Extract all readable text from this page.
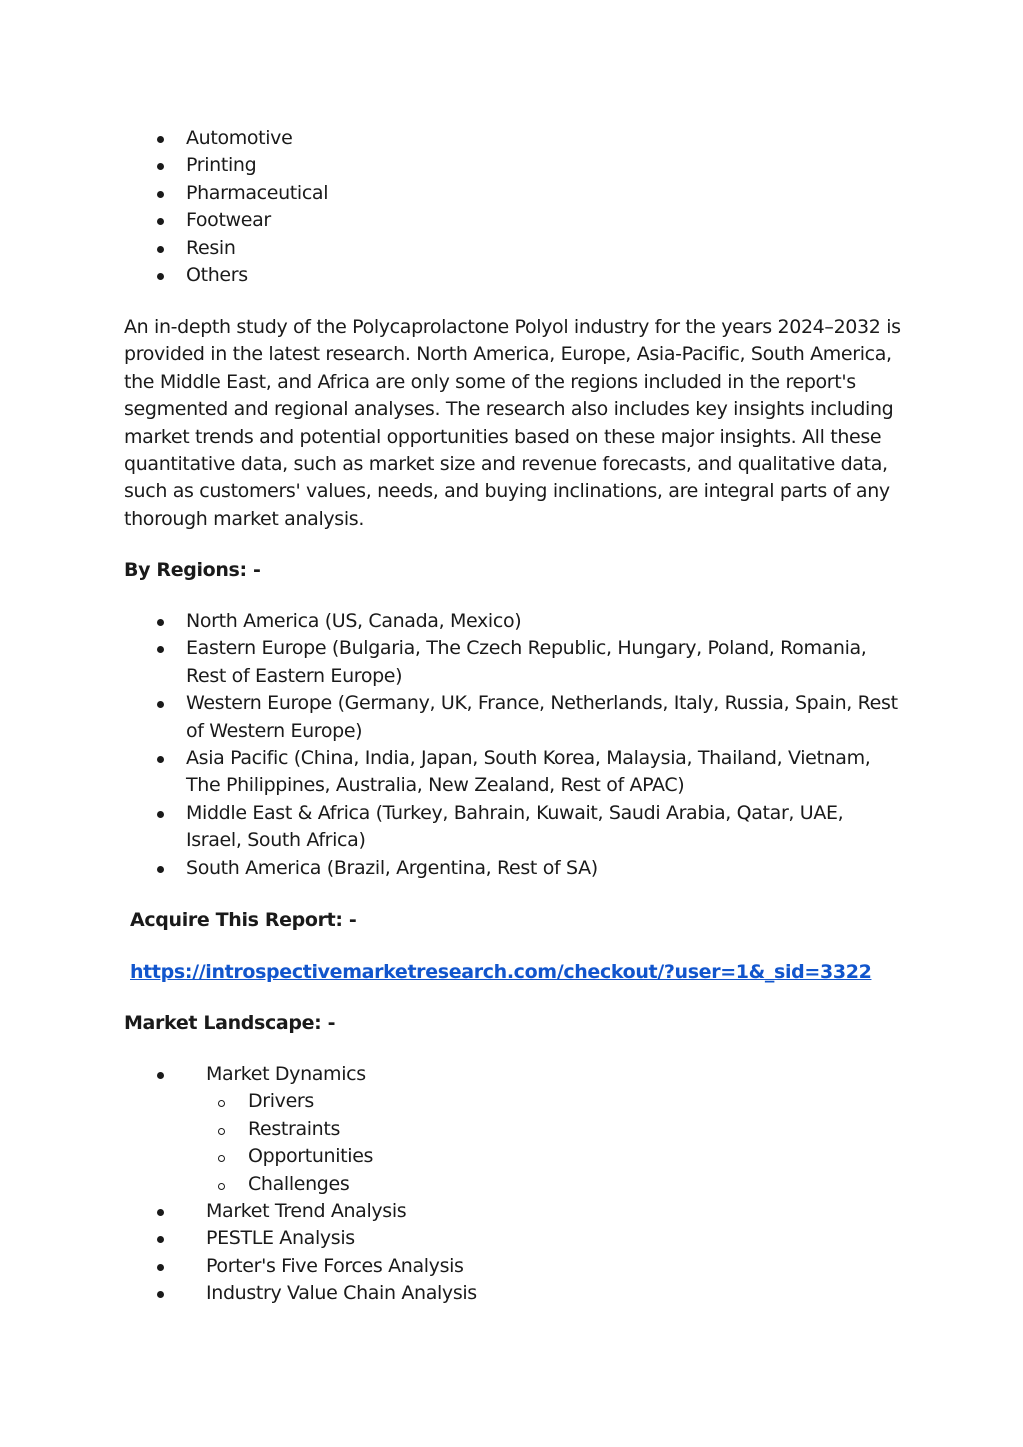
Automotive
Printing
Pharmaceutical
Footwear
Resin
Others

An in-depth study of the Polycaprolactone Polyol industry for the years 2024–2032 is provided in the latest research. North America, Europe, Asia-Pacific, South America, the Middle East, and Africa are only some of the regions included in the report's segmented and regional analyses. The research also includes key insights including market trends and potential opportunities based on these major insights. All these quantitative data, such as market size and revenue forecasts, and qualitative data, such as customers' values, needs, and buying inclinations, are integral parts of any thorough market analysis.

By Regions: -

North America (US, Canada, Mexico)
Eastern Europe (Bulgaria, The Czech Republic, Hungary, Poland, Romania, Rest of Eastern Europe)
Western Europe (Germany, UK, France, Netherlands, Italy, Russia, Spain, Rest of Western Europe)
Asia Pacific (China, India, Japan, South Korea, Malaysia, Thailand, Vietnam, The Philippines, Australia, New Zealand, Rest of APAC)
Middle East & Africa (Turkey, Bahrain, Kuwait, Saudi Arabia, Qatar, UAE, Israel, South Africa)
South America (Brazil, Argentina, Rest of SA)

Acquire This Report: -

https://introspectivemarketresearch.com/checkout/?user=1&_sid=3322

Market Landscape: -

Market Dynamics
Drivers
Restraints
Opportunities
Challenges
Market Trend Analysis
PESTLE Analysis
Porter's Five Forces Analysis
Industry Value Chain Analysis
